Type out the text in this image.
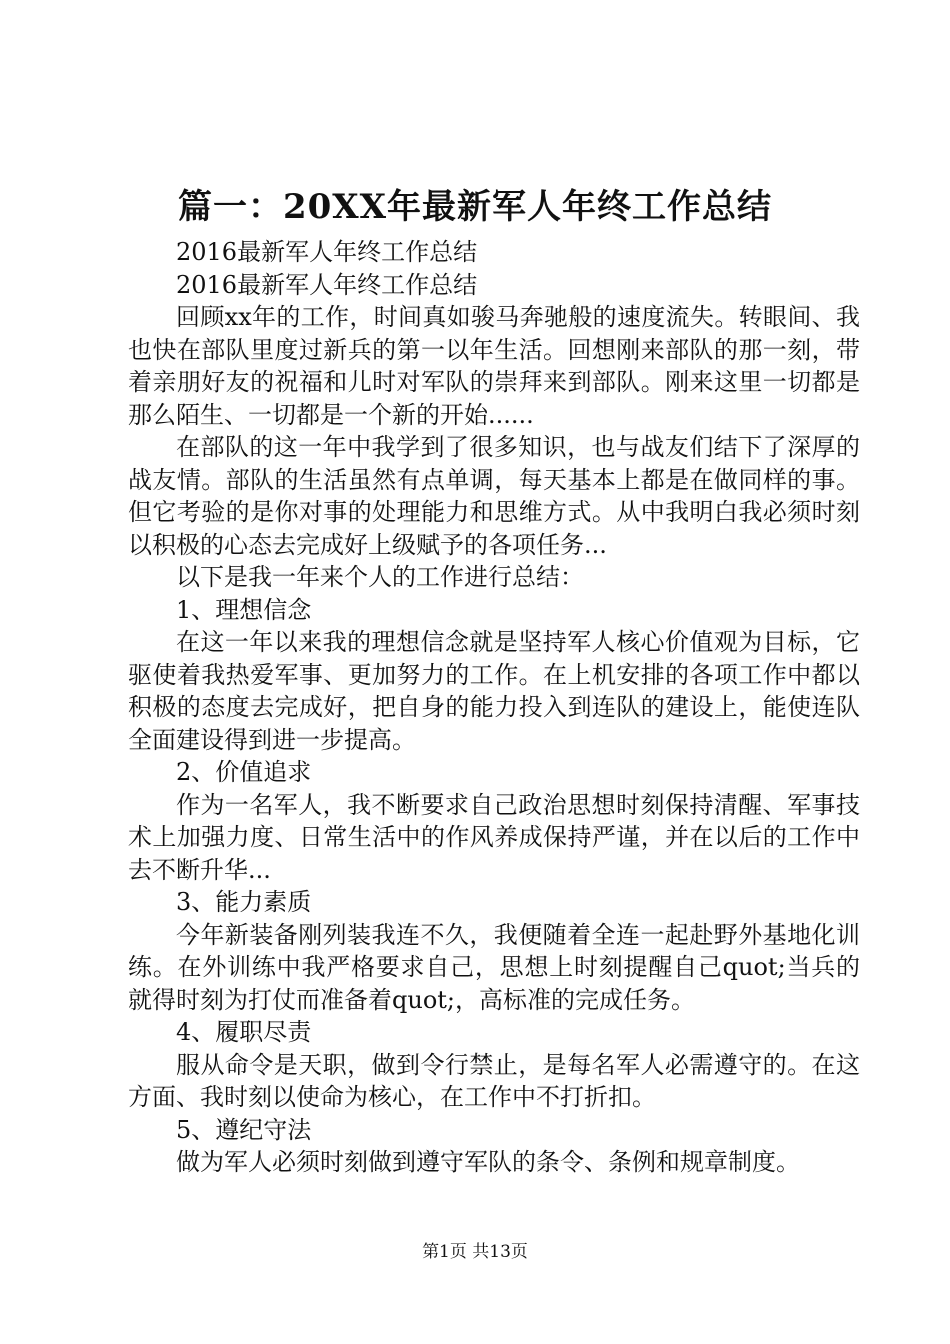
篇一：20XX年最新军人年终工作总结

2016最新军人年终工作总结

2016最新军人年终工作总结

回顾xx年的工作，时间真如骏马奔驰般的速度流失。转眼间、我也快在部队里度过新兵的第一以年生活。回想刚来部队的那一刻，带着亲朋好友的祝福和儿时对军队的崇拜来到部队。刚来这里一切都是那么陌生、一切都是一个新的开始......

在部队的这一年中我学到了很多知识，也与战友们结下了深厚的战友情。部队的生活虽然有点单调，每天基本上都是在做同样的事。但它考验的是你对事的处理能力和思维方式。从中我明白我必须时刻以积极的心态去完成好上级赋予的各项任务...

以下是我一年来个人的工作进行总结：

1、理想信念

在这一年以来我的理想信念就是坚持军人核心价值观为目标，它驱使着我热爱军事、更加努力的工作。在上机安排的各项工作中都以积极的态度去完成好，把自身的能力投入到连队的建设上，能使连队全面建设得到进一步提高。

2、价值追求

作为一名军人，我不断要求自己政治思想时刻保持清醒、军事技术上加强力度、日常生活中的作风养成保持严谨，并在以后的工作中去不断升华...

3、能力素质

今年新装备刚列装我连不久，我便随着全连一起赴野外基地化训练。在外训练中我严格要求自己，思想上时刻提醒自己quot;当兵的就得时刻为打仗而准备着quot;，高标准的完成任务。

4、履职尽责

服从命令是天职，做到令行禁止，是每名军人必需遵守的。在这方面、我时刻以使命为核心，在工作中不打折扣。

5、遵纪守法

做为军人必须时刻做到遵守军队的条令、条例和规章制度。

第1页 共13页
